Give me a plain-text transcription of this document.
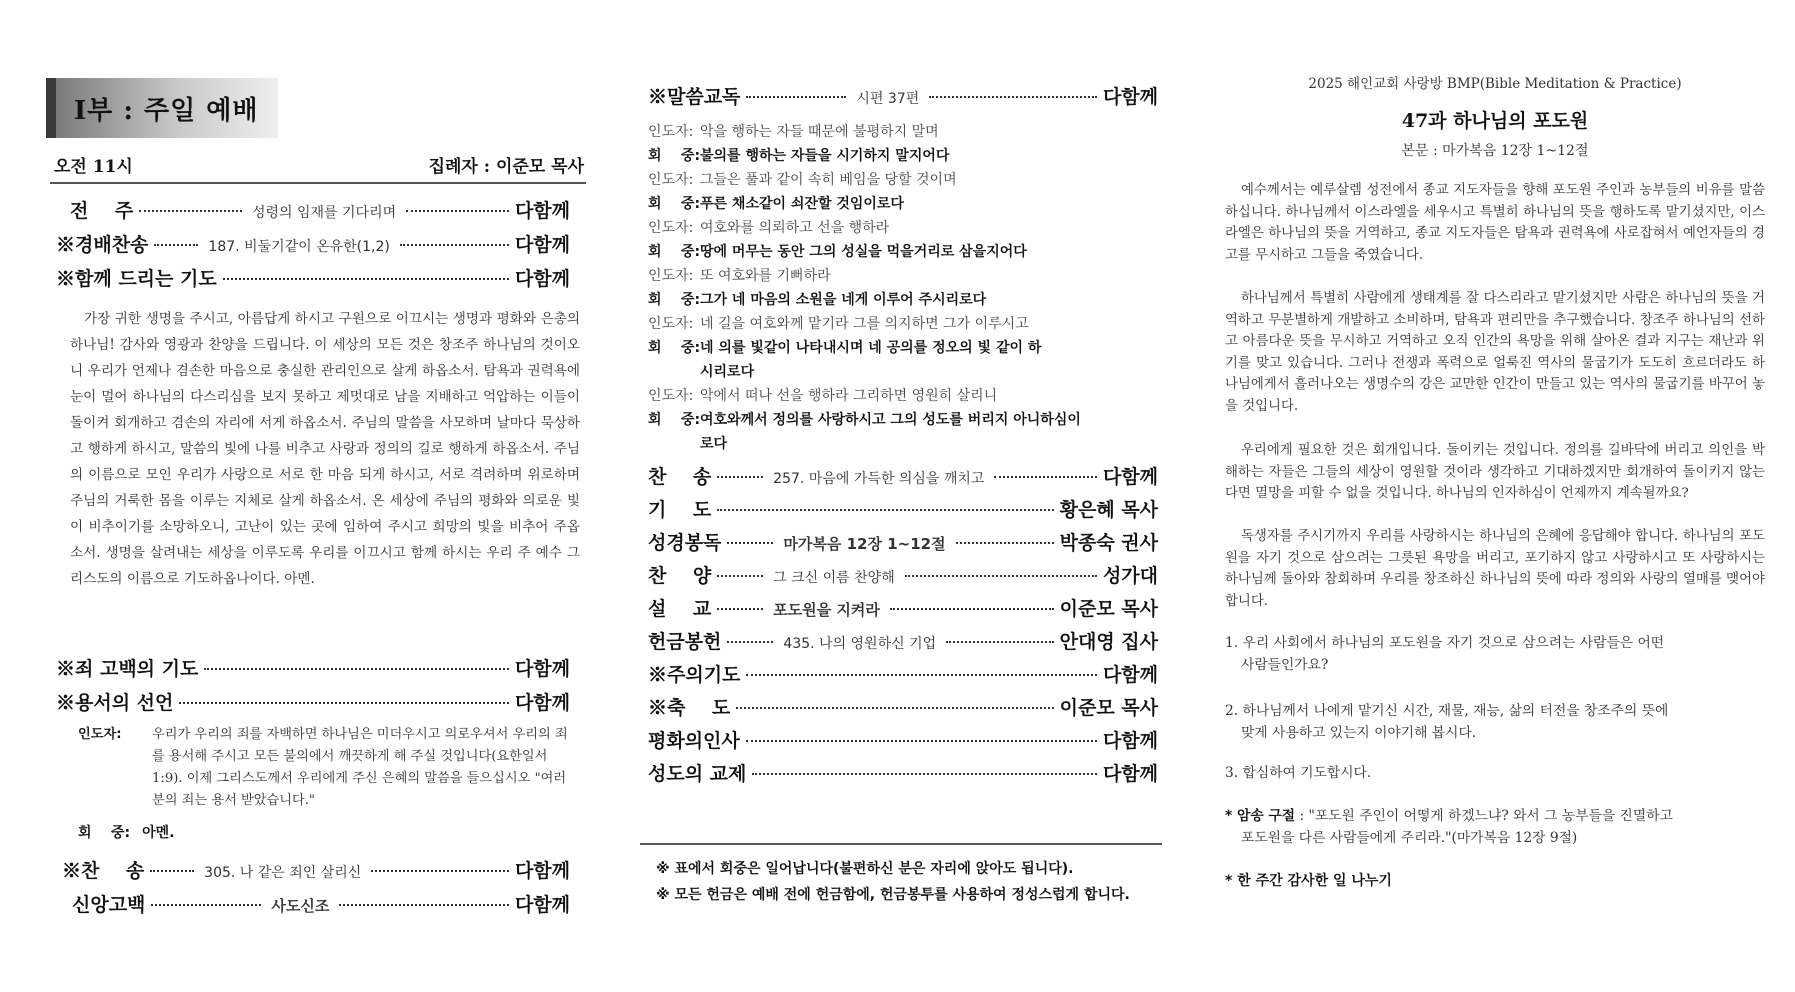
I부 : 주일 예배
오전 11시	집례자 : 이준모 목사
전    주	성령의 임재를 기다리며	다함께
※경배찬송	187. 비둘기같이 온유한(1,2)	다함께
※함께 드리는 기도	다함께
가장 귀한 생명을 주시고, 아름답게 하시고 구원으로 이끄시는 생명과 평화와 은총의 하나님! 감사와 영광과 찬양을 드립니다. 이 세상의 모든 것은 창조주 하나님의 것이오니 우리가 언제나 겸손한 마음으로 충실한 관리인으로 살게 하옵소서. 탐욕과 권력욕에 눈이 멀어 하나님의 다스리심을 보지 못하고 제멋대로 남을 지배하고 억압하는 이들이 돌이켜 회개하고 겸손의 자리에 서게 하옵소서. 주님의 말씀을 사모하며 날마다 묵상하고 행하게 하시고, 말씀의 빛에 나를 비추고 사랑과 정의의 길로 행하게 하옵소서. 주님의 이름으로 모인 우리가 사랑으로 서로 한 마음 되게 하시고, 서로 격려하며 위로하며 주님의 거룩한 몸을 이루는 지체로 살게 하옵소서. 온 세상에 주님의 평화와 의로운 빛이 비추이기를 소망하오니, 고난이 있는 곳에 임하여 주시고 희망의 빛을 비추어 주옵소서. 생명을 살려내는 세상을 이루도록 우리를 이끄시고 함께 하시는 우리 주 예수 그리스도의 이름으로 기도하옵나이다. 아멘.
※죄 고백의 기도	다함께
※용서의 선언	다함께
인도자: 우리가 우리의 죄를 자백하면 하나님은 미더우시고 의로우셔서 우리의 죄를 용서해 주시고 모든 불의에서 깨끗하게 해 주실 것입니다(요한일서 1:9). 이제 그리스도께서 우리에게 주신 은혜의 말씀을 들으십시오 "여러분의 죄는 용서 받았습니다."
회    중: 아멘.
※찬    송	305. 나 같은 죄인 살리신	다함께
신앙고백	사도신조	다함께
※말씀교독	시편 37편	다함께
인도자: 악을 행하는 자들 때문에 불평하지 말며
회    중:불의를 행하는 자들을 시기하지 말지어다
인도자: 그들은 풀과 같이 속히 베임을 당할 것이며
회    중:푸른 채소같이 쇠잔할 것임이로다
인도자: 여호와를 의뢰하고 선을 행하라
회    중:땅에 머무는 동안 그의 성실을 먹을거리로 삼을지어다
인도자: 또 여호와를 기뻐하라
회    중:그가 네 마음의 소원을 네게 이루어 주시리로다
인도자: 네 길을 여호와께 맡기라 그를 의지하면 그가 이루시고
회    중:네 의를 빛같이 나타내시며 네 공의를 정오의 빛 같이 하
시리로다
인도자: 악에서 떠나 선을 행하라 그리하면 영원히 살리니
회    중:여호와께서 정의를 사랑하시고 그의 성도를 버리지 아니하심이
로다
찬    송	257. 마음에 가득한 의심을 깨치고	다함께
기    도	황은혜 목사
성경봉독	마가복음 12장 1~12절	박종숙 권사
찬    양	그 크신 이름 찬양해	성가대
설    교	포도원을 지켜라	이준모 목사
헌금봉헌	435. 나의 영원하신 기업	안대영 집사
※주의기도	다함께
※축    도	이준모 목사
평화의인사	다함께
성도의 교제	다함께
※ 표에서 회중은 일어납니다(불편하신 분은 자리에 앉아도 됩니다).
※ 모든 헌금은 예배 전에 헌금함에, 헌금봉투를 사용하여 정성스럽게 합니다.
2025 해인교회 사랑방 BMP(Bible Meditation & Practice)
47과 하나님의 포도원
본문 : 마가복음 12장 1~12절
예수께서는 예루살렘 성전에서 종교 지도자들을 향해 포도원 주인과 농부들의 비유를 말씀하십니다. 하나님께서 이스라엘을 세우시고 특별히 하나님의 뜻을 행하도록 맡기셨지만, 이스라엘은 하나님의 뜻을 거역하고, 종교 지도자들은 탐욕과 권력욕에 사로잡혀서 예언자들의 경고를 무시하고 그들을 죽였습니다.
하나님께서 특별히 사람에게 생태계를 잘 다스리라고 맡기셨지만 사람은 하나님의 뜻을 거역하고 무분별하게 개발하고 소비하며, 탐욕과 편리만을 추구했습니다. 창조주 하나님의 선하고 아름다운 뜻을 무시하고 거역하고 오직 인간의 욕망을 위해 살아온 결과 지구는 재난과 위기를 맞고 있습니다. 그러나 전쟁과 폭력으로 얼룩진 역사의 물굽기가 도도히 흐르더라도 하나님에게서 흘러나오는 생명수의 강은 교만한 인간이 만들고 있는 역사의 물굽기를 바꾸어 놓을 것입니다.
우리에게 필요한 것은 회개입니다. 돌이키는 것입니다. 정의를 길바닥에 버리고 의인을 박해하는 자들은 그들의 세상이 영원할 것이라 생각하고 기대하겠지만 회개하여 돌이키지 않는다면 멸망을 피할 수 없을 것입니다. 하나님의 인자하심이 언제까지 계속될까요?
독생자를 주시기까지 우리를 사랑하시는 하나님의 은혜에 응답해야 합니다. 하나님의 포도원을 자기 것으로 삼으려는 그릇된 욕망을 버리고, 포기하지 않고 사랑하시고 또 사랑하시는 하나님께 돌아와 참회하며 우리를 창조하신 하나님의 뜻에 따라 정의와 사랑의 열매를 맺어야 합니다.
1. 우리 사회에서 하나님의 포도원을 자기 것으로 삼으려는 사람들은 어떤
사람들인가요?
2. 하나님께서 나에게 맡기신 시간, 재물, 재능, 삶의 터전을 창조주의 뜻에
맞게 사용하고 있는지 이야기해 봅시다.
3. 합심하여 기도합시다.
* 암송 구절 : "포도원 주인이 어떻게 하겠느냐? 와서 그 농부들을 진멸하고
포도원을 다른 사람들에게 주리라."(마가복음 12장 9절)
* 한 주간 감사한 일 나누기
